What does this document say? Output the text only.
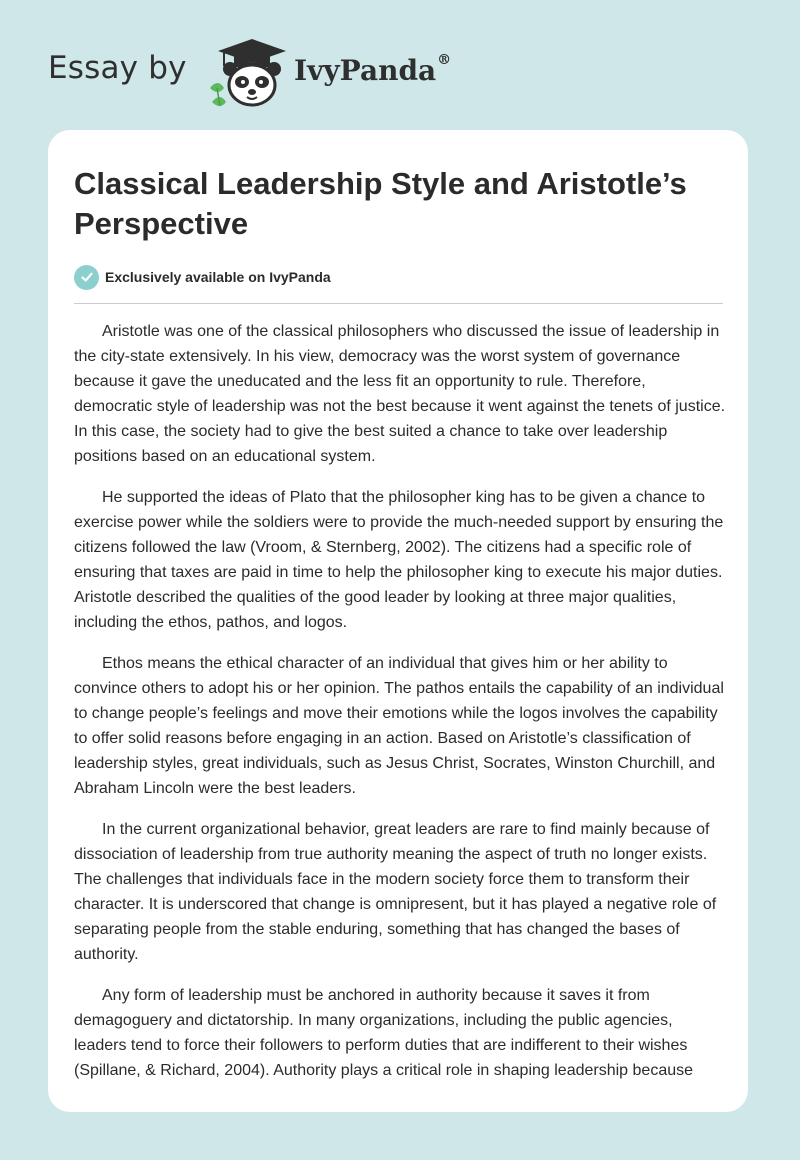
Essay by	IvyPanda®
Classical Leadership Style and Aristotle’s Perspective
Exclusively available on IvyPanda

Aristotle was one of the classical philosophers who discussed the issue of leadership in the city-state extensively. In his view, democracy was the worst system of governance because it gave the uneducated and the less fit an opportunity to rule. Therefore, democratic style of leadership was not the best because it went against the tenets of justice. In this case, the society had to give the best suited a chance to take over leadership positions based on an educational system.

He supported the ideas of Plato that the philosopher king has to be given a chance to exercise power while the soldiers were to provide the much-needed support by ensuring the citizens followed the law (Vroom, & Sternberg, 2002). The citizens had a specific role of ensuring that taxes are paid in time to help the philosopher king to execute his major duties. Aristotle described the qualities of the good leader by looking at three major qualities, including the ethos, pathos, and logos.

Ethos means the ethical character of an individual that gives him or her ability to convince others to adopt his or her opinion. The pathos entails the capability of an individual to change people’s feelings and move their emotions while the logos involves the capability to offer solid reasons before engaging in an action. Based on Aristotle’s classification of leadership styles, great individuals, such as Jesus Christ, Socrates, Winston Churchill, and Abraham Lincoln were the best leaders.

In the current organizational behavior, great leaders are rare to find mainly because of dissociation of leadership from true authority meaning the aspect of truth no longer exists. The challenges that individuals face in the modern society force them to transform their character. It is underscored that change is omnipresent, but it has played a negative role of separating people from the stable enduring, something that has changed the bases of authority.

Any form of leadership must be anchored in authority because it saves it from demagoguery and dictatorship. In many organizations, including the public agencies, leaders tend to force their followers to perform duties that are indifferent to their wishes (Spillane, & Richard, 2004). Authority plays a critical role in shaping leadership because
